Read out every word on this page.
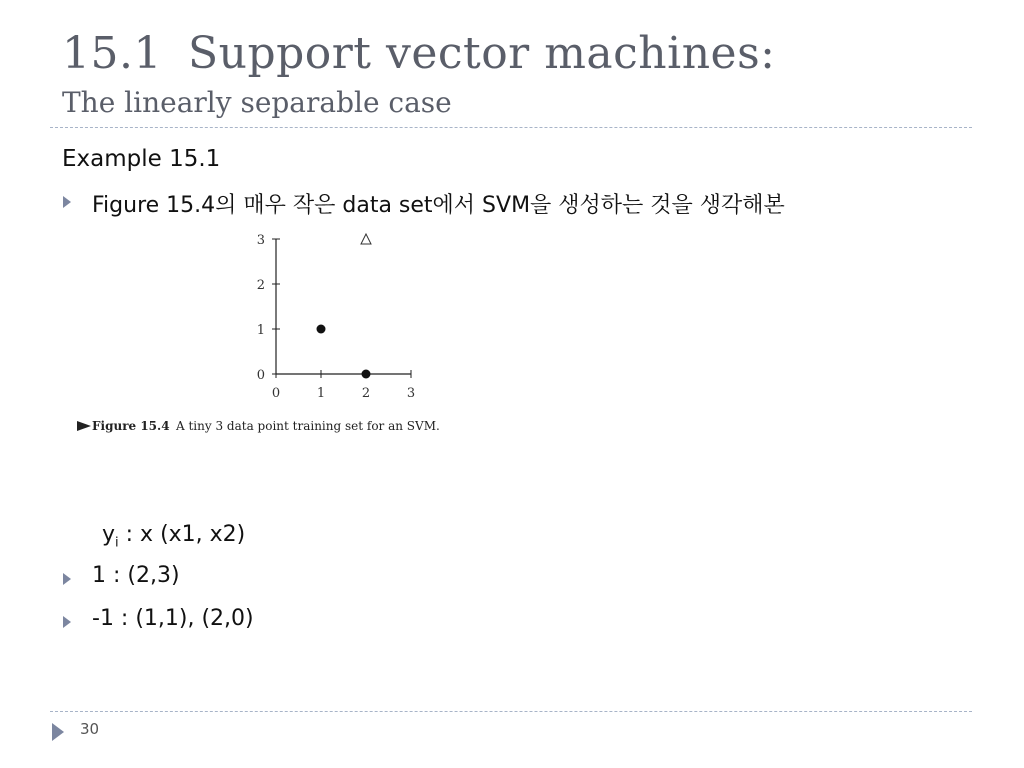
15.1 Support vector machines:
The linearly separable case
Example 15.1
Figure 15.4의 매우 작은 data set에서 SVM을 생성하는 것을 생각해본
0	1	2	3
0
1
2
3
Figure 15.4 A tiny 3 data point training set for an SVM.
$y_i$ : x (x1, x2)
1 : (2,3)
-1 : (1,1), (2,0)
30
